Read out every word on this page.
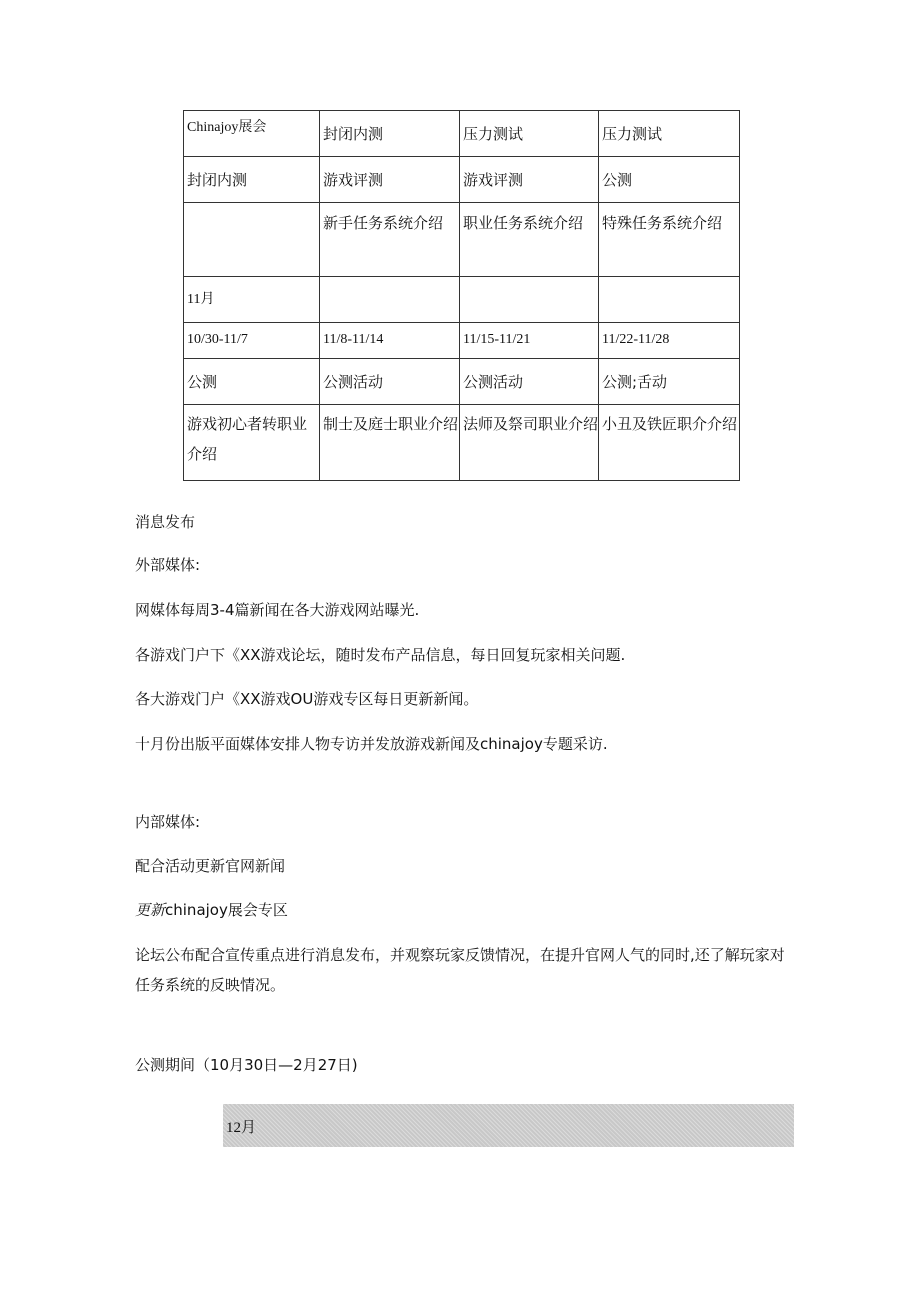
Chinajoy展会	封闭内测	压力测试	压力测试
封闭内测	游戏评测	游戏评测	公测
	新手任务系统介绍	职业任务系统介绍	特殊任务系统介绍
11月			
10/30-11/7	11/8-11/14	11/15-11/21	11/22-11/28
公测	公测活动	公测活动	公测;舌动
游戏初心者转职业介绍	制士及庭士职业介绍	法师及祭司职业介绍	小丑及铁匠职介介绍
消息发布
外部媒体:
网媒体每周3-4篇新闻在各大游戏网站曝光.
各游戏门户下《XX游戏论坛，随时发布产品信息，每日回复玩家相关问题.
各大游戏门户《XX游戏OU游戏专区每日更新新闻。
十月份出版平面媒体安排人物专访并发放游戏新闻及chinajoy专题采访.
内部媒体:
配合活动更新官网新闻
更新chinajoy展会专区
论坛公布配合宣传重点进行消息发布，并观察玩家反馈情况，在提升官网人气的同时,还了解玩家对任务系统的反映情况。
公测期间（10月30日—2月27日)
12月
